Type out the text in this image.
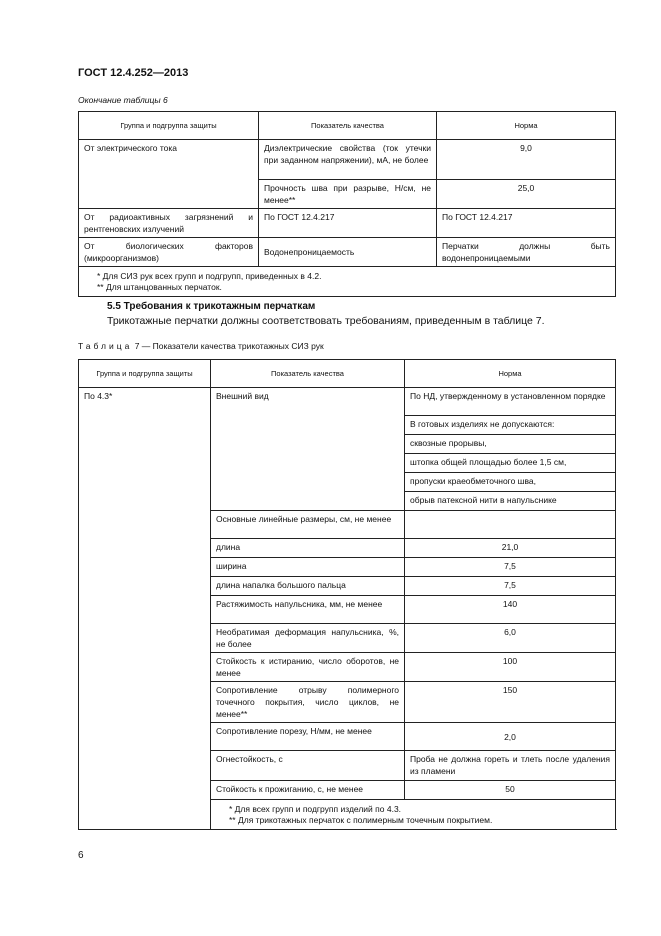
ГОСТ 12.4.252—2013
Окончание таблицы 6
Группа и подгруппа защиты	Показатель качества	Норма
От электрического тока	Диэлектрические свойства (ток утечки при заданном напряжении), мА, не более	9,0
	Прочность шва при разрыве, Н/см, не менее**	25,0
От радиоактивных загрязнений и рентгеновских излучений	По ГОСТ 12.4.217	По ГОСТ 12.4.217
От биологических факторов (микроорганизмов)	Водонепроницаемость	Перчатки должны быть водонепроницаемыми

* Для СИЗ рук всех групп и подгрупп, приведенных в 4.2.
** Для штанцованных перчаток.		
5.5 Требования к трикотажным перчаткам
Трикотажные перчатки должны соответствовать требованиям, приведенным в таблице 7.
Таблица 7 — Показатели качества трикотажных СИЗ рук
Группа и подгруппа защиты	Показатель качества	Норма
По 4.3*	Внешний вид	По НД, утвержденному в установленном порядке
		В готовых изделиях не допускаются:
		сквозные прорывы,
		штопка общей площадью более 1,5 см,
		пропуски краеобметочного шва,
		обрыв патексной нити в напульснике
	Основные линейные размеры, см, не менее	
	длина	21,0
	ширина	7,5
	длина напалка большого пальца	7,5
	Растяжимость напульсника, мм, не менее	140
	Необратимая деформация напульсника, %, не более	6,0
	Стойкость к истиранию, число оборотов, не менее	100
	Сопротивление отрыву полимерного точечного покрытия, число циклов, не менее**	150
	Сопротивление порезу, Н/мм, не менее	2,0
	Огнестойкость, с	Проба не должна гореть и тлеть после удаления из пламени
	Стойкость к прожиганию, с, не менее	50

	* Для всех групп и подгрупп изделий по 4.3.
** Для трикотажных перчаток с полимерным точечным покрытием.	
6
